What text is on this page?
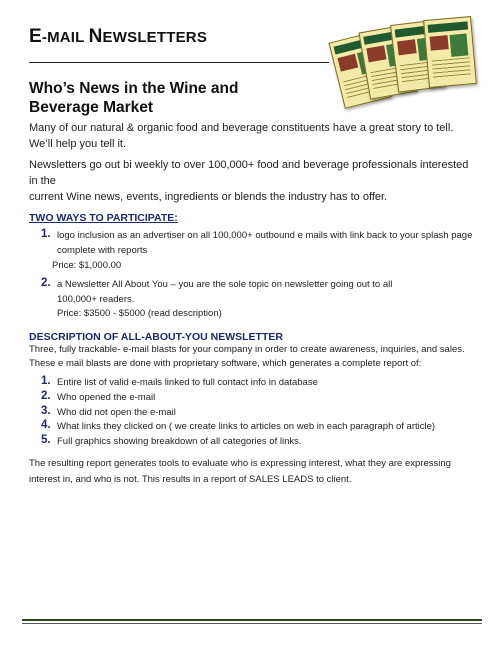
E-MAIL NEWSLETTERS
Who’s News in the Wine and
Beverage Market

Many of our natural & organic food and beverage constituents have a great story to tell.
We’ll help you tell it.

Newsletters go out bi weekly to over 100,000+ food and beverage professionals interested in the
current Wine news, events, ingredients or blends the industry has to offer.

TWO WAYS TO PARTICIPATE:
1. logo inclusion as an advertiser on all 100,000+ outbound e mails with link back to your splash page
complete with reports

Price: $1,000.00

2. a Newsletter All About You – you are the sole topic on newsletter going out to all
100,000+ readers.

Price: $3500 - $5000 (read description)

DESCRIPTION OF ALL-ABOUT-YOU NEWSLETTER

Three, fully trackable- e-mail blasts for your company in order to create awareness, inquiries, and sales.
These e mail blasts are done with proprietary software, which generates a complete report of:

1. Entire list of valid e-mails linked to full contact info in database

2. Who opened the e-mail

3. Who did not open the e-mail

4. What links they clicked on ( we create links to articles on web in each paragraph of article)

5. Full graphics showing breakdown of all categories of links.

The resulting report generates tools to evaluate who is expressing interest, what they are expressing
interest in, and who is not. This results in a report of SALES LEADS to client.
